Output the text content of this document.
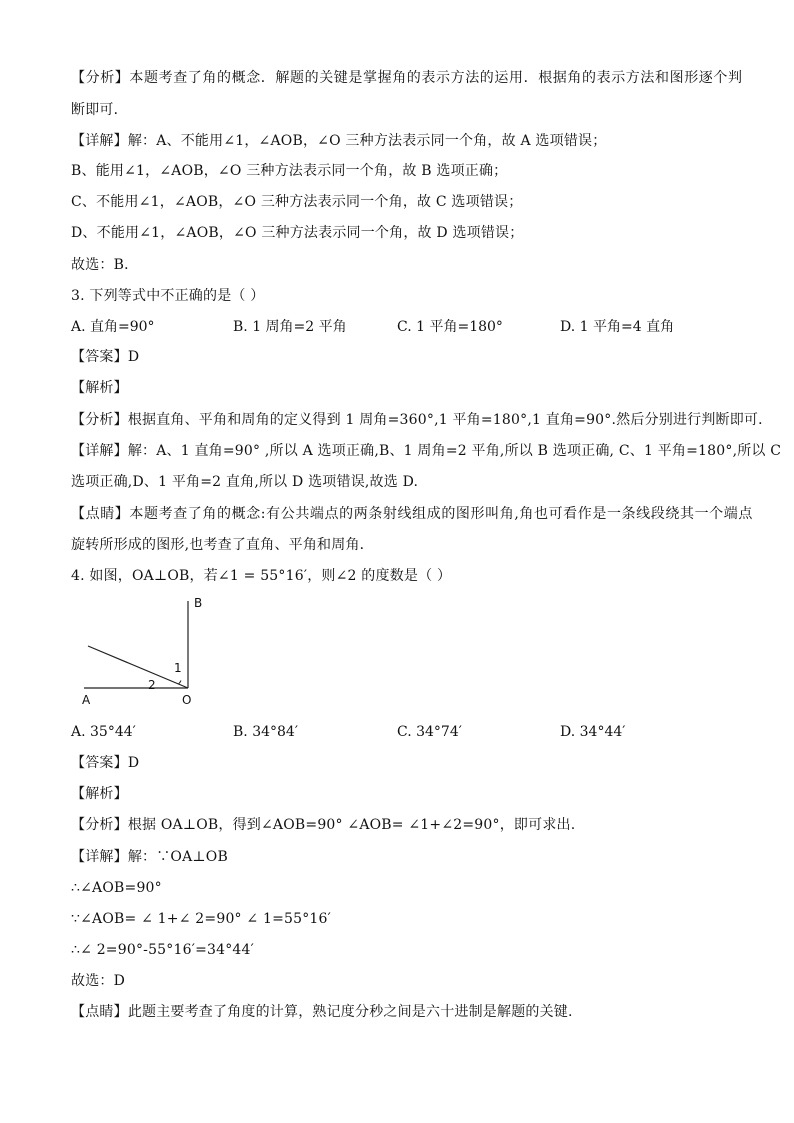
【分析】本题考查了角的概念．解题的关键是掌握角的表示方法的运用．根据角的表示方法和图形逐个判
断即可．
【详解】解：A、不能用∠1，∠AOB，∠O 三种方法表示同一个角，故 A 选项错误；
B、能用∠1，∠AOB，∠O 三种方法表示同一个角，故 B 选项正确；
C、不能用∠1，∠AOB，∠O 三种方法表示同一个角，故 C 选项错误；
D、不能用∠1，∠AOB，∠O 三种方法表示同一个角，故 D 选项错误；
故选：B．
3. 下列等式中不正确的是（ ）
A. 直角=90°	B. 1 周角=2 平角	C. 1 平角=180°	D. 1 平角=4 直角
【答案】D
【解析】
【分析】根据直角、平角和周角的定义得到 1 周角=360°,1 平角=180°,1 直角=90°.然后分别进行判断即可．
【详解】解：A、1 直角=90° ,所以 A 选项正确,B、1 周角=2 平角,所以 B 选项正确, C、1 平角=180°,所以 C
选项正确,D、1 平角=2 直角,所以 D 选项错误,故选 D.
【点睛】本题考查了角的概念:有公共端点的两条射线组成的图形叫角,角也可看作是一条线段绕其一个端点
旋转所形成的图形,也考查了直角、平角和周角．
4. 如图，OA⊥OB，若∠1 = 55°16′，则∠2 的度数是（ ）
B
A	O
1
2
A. 35°44′	B. 34°84′	C. 34°74′	D. 34°44′
【答案】D
【解析】
【分析】根据 OA⊥OB，得到∠AOB=90° ∠AOB= ∠1+∠2=90°，即可求出.
【详解】解：∵OA⊥OB
∴∠AOB=90°
∵∠AOB= ∠ 1+∠ 2=90° ∠ 1=55°16′
∴∠ 2=90°-55°16′=34°44′
故选：D
【点睛】此题主要考查了角度的计算，熟记度分秒之间是六十进制是解题的关键.
